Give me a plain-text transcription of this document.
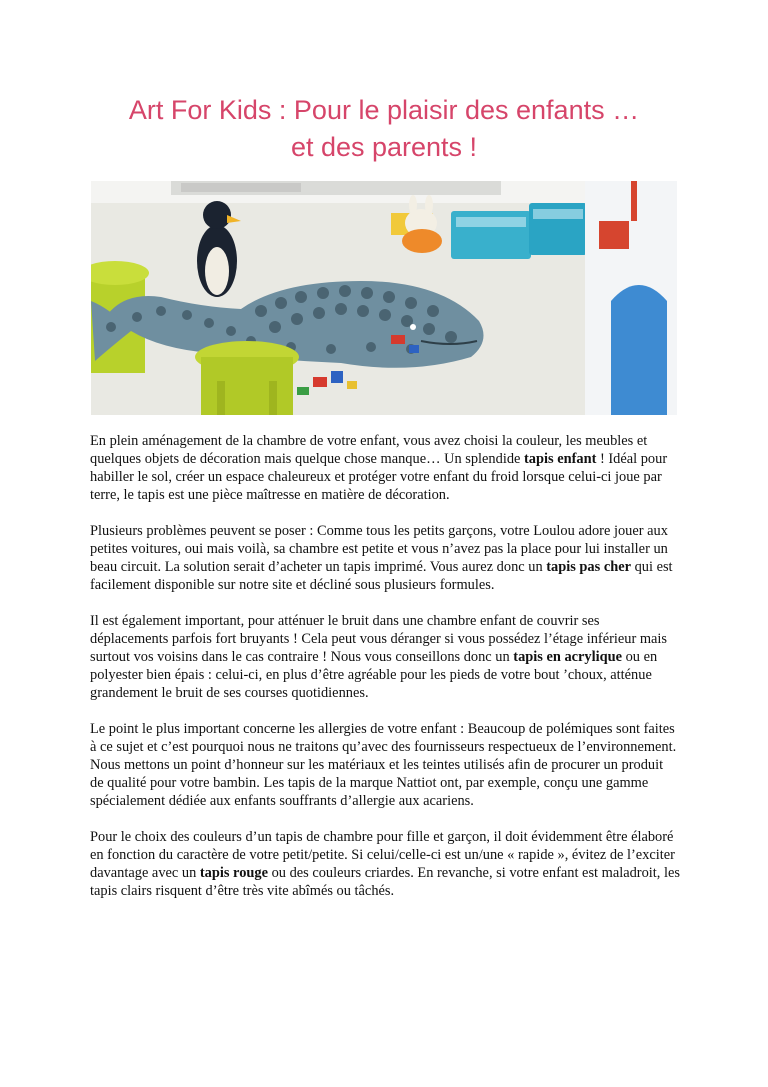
Art For Kids : Pour le plaisir des enfants …
et des parents !

En plein aménagement de la chambre de votre enfant, vous avez choisi la couleur, les meubles et quelques objets de décoration mais quelque chose manque… Un splendide tapis enfant ! Idéal pour habiller le sol, créer un espace chaleureux et protéger votre enfant du froid lorsque celui-ci joue par terre, le tapis est une pièce maîtresse en matière de décoration.

Plusieurs problèmes peuvent se poser : Comme tous les petits garçons, votre Loulou adore jouer aux petites voitures, oui mais voilà, sa chambre est petite et vous n’avez pas la place pour lui installer un beau circuit. La solution serait d’acheter un tapis imprimé. Vous aurez donc un tapis pas cher qui est facilement disponible sur notre site et décliné sous plusieurs formules.

Il est également important, pour atténuer le bruit dans une chambre enfant de couvrir ses déplacements parfois fort bruyants ! Cela peut vous déranger si vous possédez l’étage inférieur mais surtout vos voisins dans le cas contraire ! Nous vous conseillons donc un tapis en acrylique ou en polyester bien épais : celui-ci, en plus d’être agréable pour les pieds de votre bout ’choux, atténue grandement le bruit de ses courses quotidiennes.

Le point le plus important concerne les allergies de votre enfant : Beaucoup de polémiques sont faites à ce sujet et c’est pourquoi nous ne traitons qu’avec des fournisseurs respectueux de l’environnement. Nous mettons un point d’honneur sur les matériaux et les teintes utilisés afin de procurer un produit de qualité pour votre bambin. Les tapis de la marque Nattiot ont, par exemple, conçu une gamme spécialement dédiée aux enfants souffrants d’allergie aux acariens.

Pour le choix des couleurs d’un tapis de chambre pour fille et garçon, il doit évidemment être élaboré en fonction du caractère de votre petit/petite. Si celui/celle-ci est un/une « rapide », évitez de l’exciter davantage avec un tapis rouge ou des couleurs criardes. En revanche, si votre enfant est maladroit, les tapis clairs risquent d’être très vite abîmés ou tâchés.
